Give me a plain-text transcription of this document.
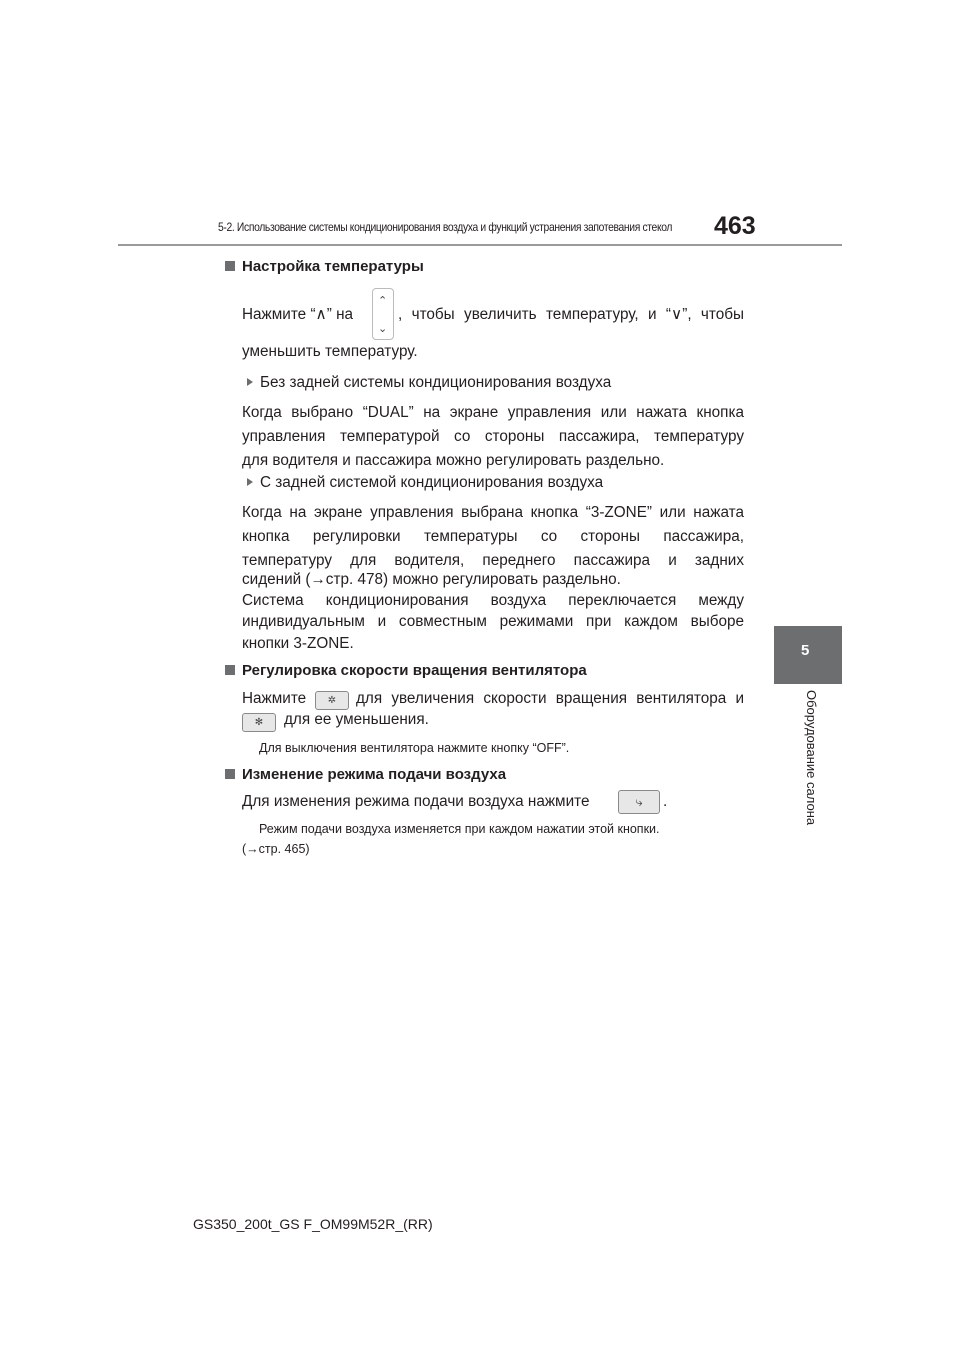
5-2. Использование системы кондиционирования воздуха и функций устранения запотевания стекол 463
5
Оборудование салона
Настройка температуры
Нажмите “∧” на
⌃
⌄
, чтобы увеличить температуру, и “∨”, чтобы
уменьшить температуру.
Без задней системы кондиционирования воздуха
Когда выбрано “DUAL” на экране управления или нажата кнопка
управления температурой со стороны пассажира, температуру
для водителя и пассажира можно регулировать раздельно.
С задней системой кондиционирования воздуха
Когда на экране управления выбрана кнопка “3-ZONE” или нажата
кнопка регулировки температуры со стороны пассажира,
температуру для водителя, переднего пассажира и задних
сидений (→стр. 478) можно регулировать раздельно.
Система кондиционирования воздуха переключается между
индивидуальным и совместным режимами при каждом выборе
кнопки 3-ZONE.
Регулировка скорости вращения вентилятора
Нажмите	✲	для увеличения скорости вращения вентилятора и
✻	для ее уменьшения.
Для выключения вентилятора нажмите кнопку “OFF”.
Изменение режима подачи воздуха
Для изменения режима подачи воздуха нажмите	⤷	.
Режим подачи воздуха изменяется при каждом нажатии этой кнопки.
(→стр. 465)
GS350_200t_GS F_OM99M52R_(RR)
